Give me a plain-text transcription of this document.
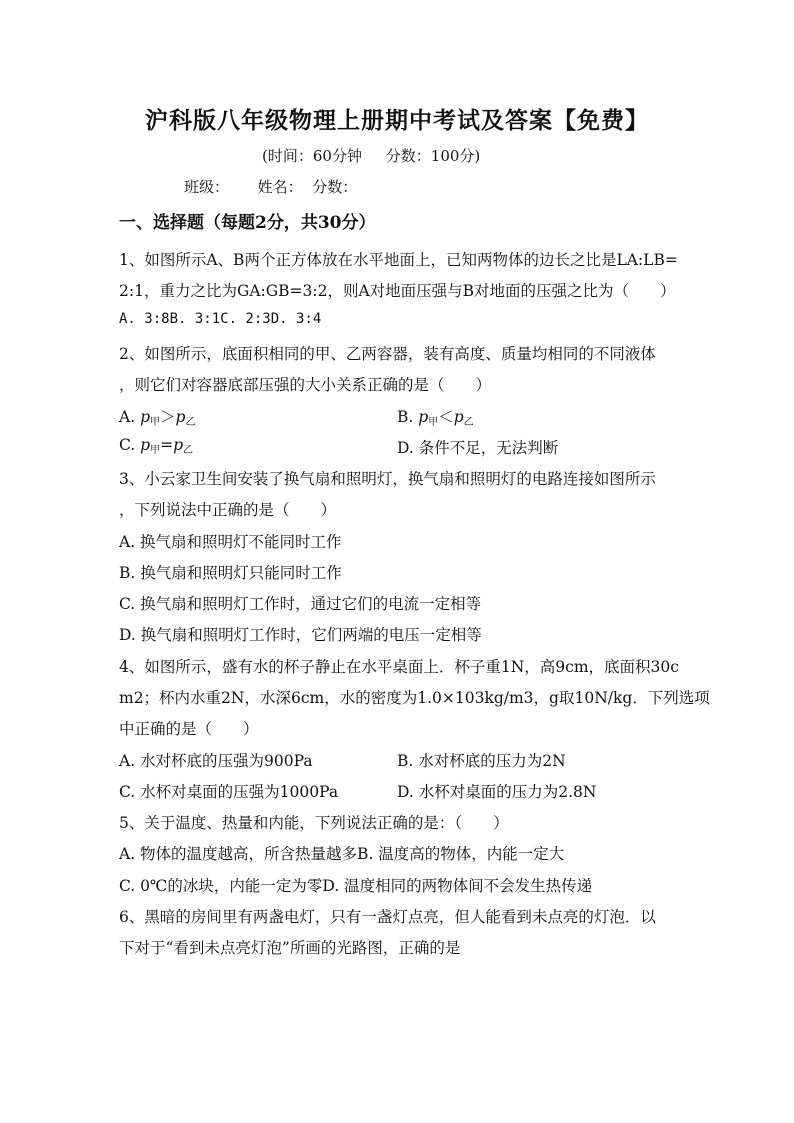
沪科版八年级物理上册期中考试及答案【免费】
(时间：60分钟 分数：100分)
班级： 姓名： 分数：
一、选择题（每题2分，共30分）
1、如图所示A、B两个正方体放在水平地面上，已知两物体的边长之比是LA:LB=
2:1，重力之比为GA:GB=3:2，则A对地面压强与B对地面的压强之比为（　　）
A. 3:8B. 3:1C. 2:3D. 3:4
2、如图所示，底面积相同的甲、乙两容器，装有高度、质量均相同的不同液体
，则它们对容器底部压强的大小关系正确的是（　　）
A. $p_甲>p_乙$	B. $p_甲<p_乙$
C. $p_甲=p_乙$	D. 条件不足，无法判断
3、小云家卫生间安装了换气扇和照明灯，换气扇和照明灯的电路连接如图所示
，下列说法中正确的是（　　）
A. 换气扇和照明灯不能同时工作
B. 换气扇和照明灯只能同时工作
C. 换气扇和照明灯工作时，通过它们的电流一定相等
D. 换气扇和照明灯工作时，它们两端的电压一定相等
4、如图所示，盛有水的杯子静止在水平桌面上．杯子重1N，高9cm，底面积30c
m2；杯内水重2N，水深6cm，水的密度为1.0×103kg/m3，g取10N/kg．下列选项
中正确的是（　　）
A. 水对杯底的压强为900Pa	B. 水对杯底的压力为2N
C. 水杯对桌面的压强为1000Pa	D. 水杯对桌面的压力为2.8N
5、关于温度、热量和内能，下列说法正确的是：（　　）
A. 物体的温度越高，所含热量越多B. 温度高的物体，内能一定大
C. 0℃的冰块，内能一定为零D. 温度相同的两物体间不会发生热传递
6、黑暗的房间里有两盏电灯，只有一盏灯点亮，但人能看到未点亮的灯泡．以
下对于“看到未点亮灯泡”所画的光路图，正确的是
